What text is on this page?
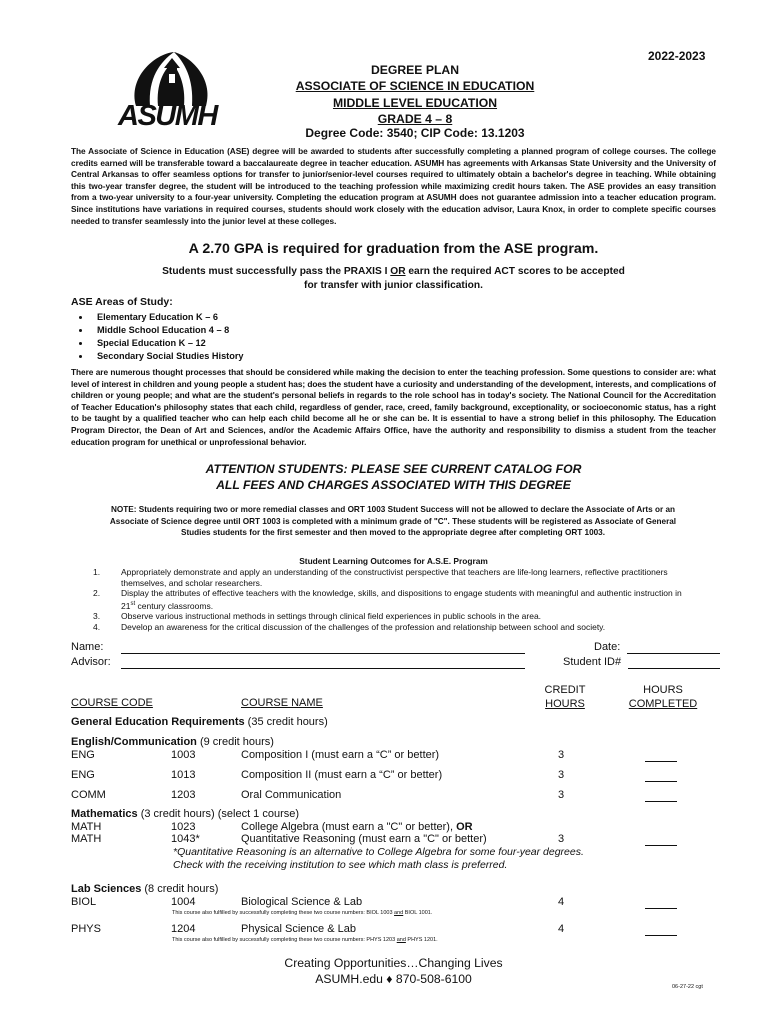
2022-2023
ASUMH
DEGREE PLAN
ASSOCIATE OF SCIENCE IN EDUCATION
MIDDLE LEVEL EDUCATION
GRADE 4 – 8
Degree Code: 3540; CIP Code: 13.1203
The Associate of Science in Education (ASE) degree will be awarded to students after successfully completing a planned program of college courses. The college credits earned will be transferable toward a baccalaureate degree in teacher education. ASUMH has agreements with Arkansas State University and the University of Central Arkansas to offer seamless options for transfer to junior/senior-level courses required to ultimately obtain a bachelor's degree in teaching. While obtaining this two-year transfer degree, the student will be introduced to the teaching profession while maximizing credit hours taken. The ASE provides an easy transition from a two-year university to a four-year university. Completing the education program at ASUMH does not guarantee admission into a teacher education program. Since institutions have variations in required courses, students should work closely with the education advisor, Laura Knox, in order to complete specific courses needed to transfer seamlessly into the junior level at these colleges.
A 2.70 GPA is required for graduation from the ASE program.
Students must successfully pass the PRAXIS I OR earn the required ACT scores to be accepted
for transfer with junior classification.
ASE Areas of Study:
• Elementary Education K – 6
• Middle School Education 4 – 8
• Special Education K – 12
• Secondary Social Studies History
There are numerous thought processes that should be considered while making the decision to enter the teaching profession. Some questions to consider are: what level of interest in children and young people a student has; does the student have a curiosity and understanding of the development, interests, and complications of children or young people; and what are the student's personal beliefs in regards to the role school has in today's society. The National Council for the Accreditation of Teacher Education's philosophy states that each child, regardless of gender, race, creed, family background, exceptionality, or socioeconomic status, has a right to be taught by a qualified teacher who can help each child become all he or she can be. It is essential to have a strong belief in this philosophy. The Education Program Director, the Dean of Art and Sciences, and/or the Academic Affairs Office, have the authority and responsibility to dismiss a student from the teacher education program for unethical or unprofessional behavior.
ATTENTION STUDENTS: PLEASE SEE CURRENT CATALOG FOR
ALL FEES AND CHARGES ASSOCIATED WITH THIS DEGREE
NOTE: Students requiring two or more remedial classes and ORT 1003 Student Success will not be allowed to declare the Associate of Arts or an Associate of Science degree until ORT 1003 is completed with a minimum grade of "C". These students will be registered as Associate of General Studies students for the first semester and then moved to the appropriate degree after completing ORT 1003.
Student Learning Outcomes for A.S.E. Program
1. Appropriately demonstrate and apply an understanding of the constructivist perspective that teachers are life-long learners, reflective practitioners themselves, and scholar researchers.
2. Display the attributes of effective teachers with the knowledge, skills, and dispositions to engage students with meaningful and authentic instruction in 21st century classrooms.
3. Observe various instructional methods in settings through clinical field experiences in public schools in the area.
4. Develop an awareness for the critical discussion of the challenges of the profession and relationship between school and society.
Name:
Advisor:
Date:
Student ID#
COURSE CODE	COURSE NAME
CREDIT
HOURS
HOURS
COMPLETED
General Education Requirements (35 credit hours)
English/Communication (9 credit hours)
ENG	1003	Composition I (must earn a “C” or better)	3
ENG	1013	Composition II (must earn a “C” or better)	3
COMM	1203	Oral Communication	3
Mathematics (3 credit hours) (select 1 course)
MATH	1023	College Algebra (must earn a "C" or better), OR
MATH	1043*	Quantitative Reasoning (must earn a "C" or better)	3
*Quantitative Reasoning is an alternative to College Algebra for some four-year degrees.
Check with the receiving institution to see which math class is preferred.
Lab Sciences (8 credit hours)
BIOL	1004	Biological Science & Lab	4
This course also fulfilled by successfully completing these two course numbers: BIOL 1003 and BIOL 1001.
PHYS	1204	Physical Science & Lab	4
This course also fulfilled by successfully completing these two course numbers: PHYS 1203 and PHYS 1201.
Creating Opportunities…Changing Lives
ASUMH.edu ♦ 870-508-6100
06-27-22 cgt
